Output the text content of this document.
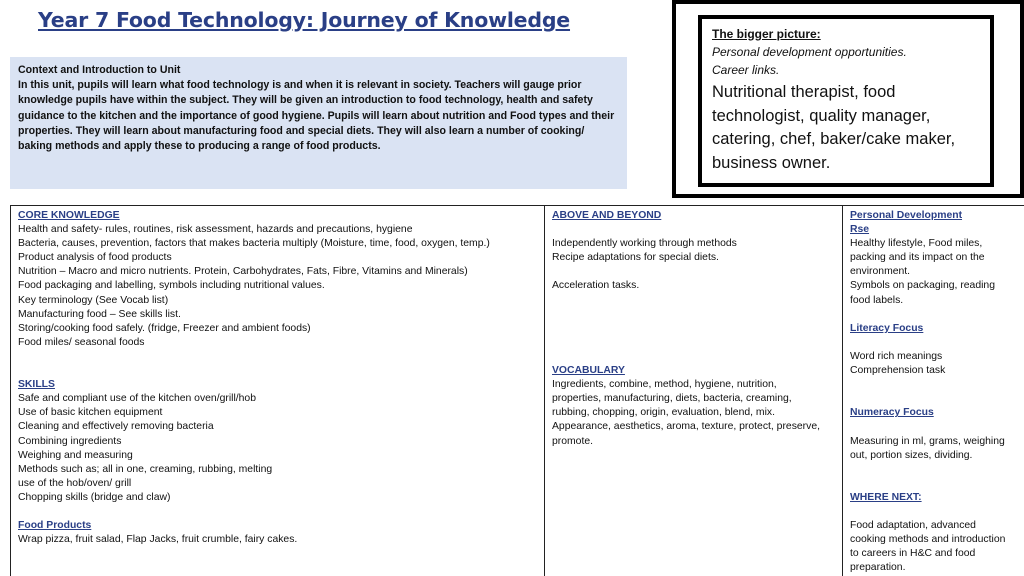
Year 7 Food Technology: Journey of Knowledge
Context and Introduction to Unit
In this unit, pupils will learn what food technology is and when it is relevant in society. Teachers will gauge prior knowledge pupils have within the subject. They will be given an introduction to food technology, health and safety guidance to the kitchen and the importance of good hygiene. Pupils will learn about nutrition and Food types and their properties. They will learn about manufacturing food and special diets. They will also learn a number of cooking/ baking methods and apply these to producing a range of food products.
The bigger picture:
Personal development opportunities.
Career links.
Nutritional therapist, food technologist, quality manager, catering, chef, baker/cake maker, business owner.
CORE KNOWLEDGE
Health and safety- rules, routines, risk assessment, hazards and precautions, hygiene
Bacteria, causes, prevention, factors that makes bacteria multiply (Moisture, time, food, oxygen, temp.)
Product analysis of food products
Nutrition – Macro and micro nutrients. Protein, Carbohydrates, Fats, Fibre, Vitamins and Minerals)
Food packaging and labelling, symbols including nutritional values.
Key terminology (See Vocab list)
Manufacturing food – See skills list.
Storing/cooking food safely. (fridge, Freezer and ambient foods)
Food miles/ seasonal foods
SKILLS
Safe and compliant use of the kitchen oven/grill/hob
Use of basic kitchen equipment
Cleaning and effectively removing bacteria
Combining ingredients
Weighing and measuring
Methods such as; all in one, creaming, rubbing, melting
use of the hob/oven/ grill
Chopping skills (bridge and claw)
Food Products
Wrap pizza, fruit salad, Flap Jacks, fruit crumble, fairy cakes.
ABOVE AND BEYOND
Independently working through methods
Recipe adaptations for special diets.
Acceleration tasks.
VOCABULARY
Ingredients, combine, method, hygiene, nutrition,
properties, manufacturing, diets, bacteria, creaming,
rubbing, chopping, origin, evaluation, blend, mix.
Appearance, aesthetics, aroma, texture, protect, preserve,
promote.
Personal Development
Rse
Healthy lifestyle, Food miles,
packing and its impact on the
environment.
Symbols on packaging, reading
food labels.
Literacy Focus
Word rich meanings
Comprehension task
Numeracy Focus
Measuring in ml, grams, weighing
out, portion sizes, dividing.
WHERE NEXT:
Food adaptation, advanced
cooking methods and introduction
to careers in H&C and food
preparation.
